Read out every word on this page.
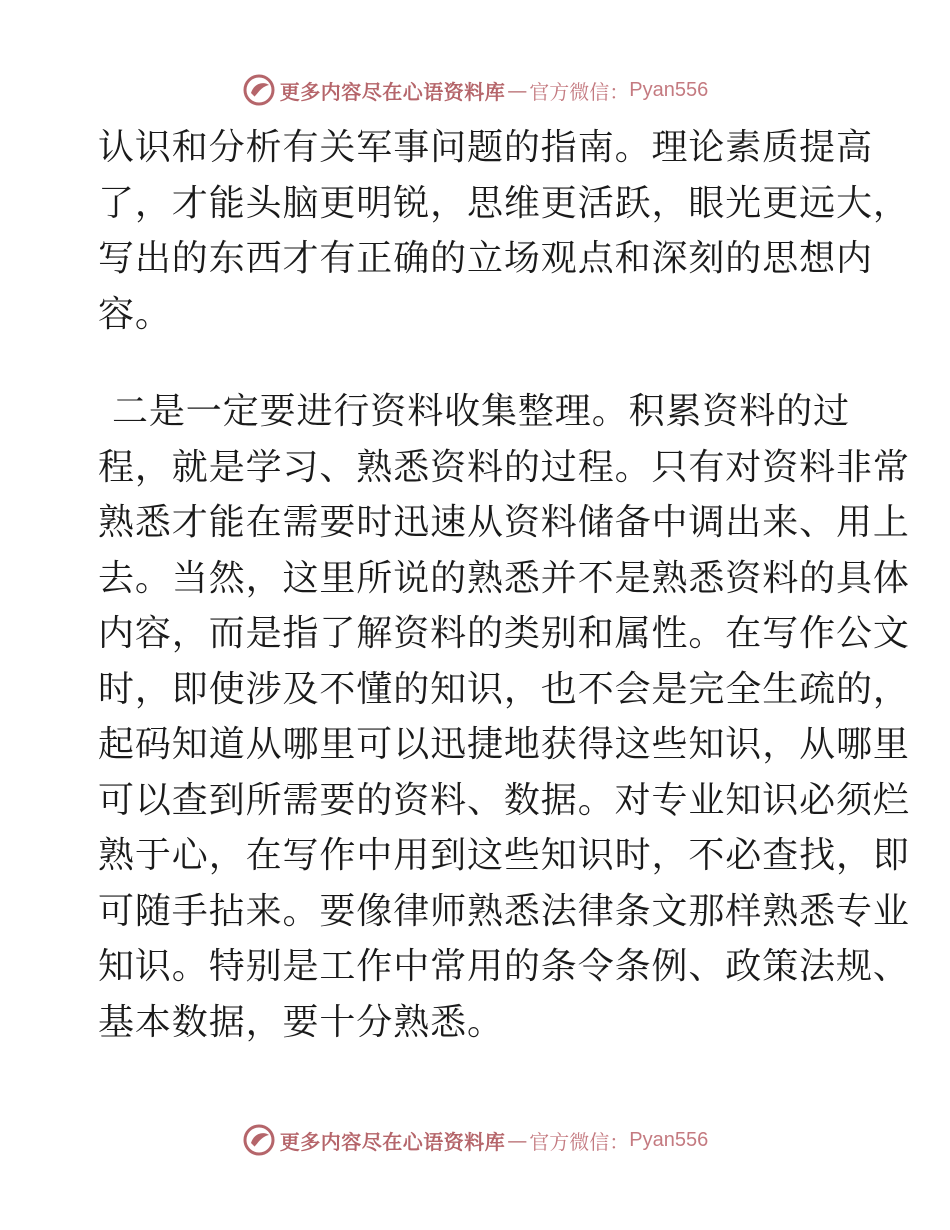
更多内容尽在心语资料库 — 官方微信： Pyan556
认识和分析有关军事问题的指南。理论素质提高
了，才能头脑更明锐，思维更活跃，眼光更远大，
写出的东西才有正确的立场观点和深刻的思想内
容。
二是一定要进行资料收集整理。积累资料的过
程，就是学习、熟悉资料的过程。只有对资料非常
熟悉才能在需要时迅速从资料储备中调出来、用上
去。当然，这里所说的熟悉并不是熟悉资料的具体
内容，而是指了解资料的类别和属性。在写作公文
时，即使涉及不懂的知识，也不会是完全生疏的，
起码知道从哪里可以迅捷地获得这些知识，从哪里
可以查到所需要的资料、数据。对专业知识必须烂
熟于心，在写作中用到这些知识时，不必查找，即
可随手拈来。要像律师熟悉法律条文那样熟悉专业
知识。特别是工作中常用的条令条例、政策法规、
基本数据，要十分熟悉。
更多内容尽在心语资料库 — 官方微信： Pyan556
